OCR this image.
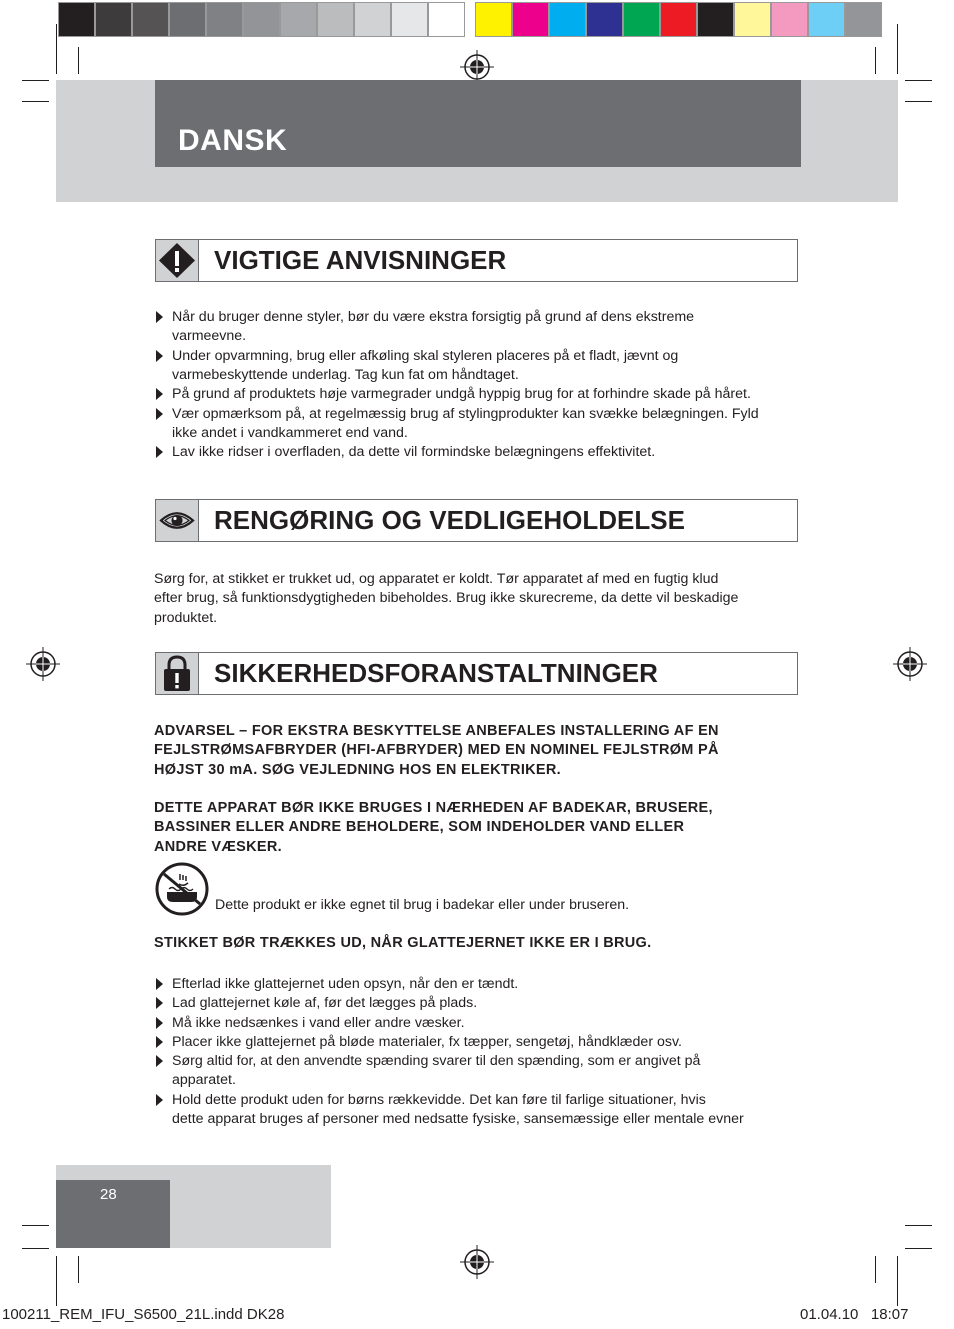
DANSK
VIGTIGE ANVISNINGER
Når du bruger denne styler, bør du være ekstra forsigtig på grund af dens ekstreme
varmeevne.
Under opvarmning, brug eller afkøling skal styleren placeres på et fladt, jævnt og
varmebeskyttende underlag. Tag kun fat om håndtaget.
På grund af produktets høje varmegrader undgå hyppig brug for at forhindre skade på håret.
Vær opmærksom på, at regelmæssig brug af stylingprodukter kan svække belægningen. Fyld
ikke andet i vandkammeret end vand.
Lav ikke ridser i overfladen, da dette vil formindske belægningens effektivitet.
RENGØRING OG VEDLIGEHOLDELSE
Sørg for, at stikket er trukket ud, og apparatet er koldt. Tør apparatet af med en fugtig klud
efter brug, så funktionsdygtigheden bibeholdes. Brug ikke skurecreme, da dette vil beskadige
produktet.
SIKKERHEDSFORANSTALTNINGER
ADVARSEL – FOR EKSTRA BESKYTTELSE ANBEFALES INSTALLERING AF EN
FEJLSTRØMSAFBRYDER (HFI-AFBRYDER) MED EN NOMINEL FEJLSTRØM PÅ
HØJST 30 mA. SØG VEJLEDNING HOS EN ELEKTRIKER.
DETTE APPARAT BØR IKKE BRUGES I NÆRHEDEN AF BADEKAR, BRUSERE,
BASSINER ELLER ANDRE BEHOLDERE, SOM INDEHOLDER VAND ELLER
ANDRE VÆSKER.
Dette produkt er ikke egnet til brug i badekar eller under bruseren.
STIKKET BØR TRÆKKES UD, NÅR GLATTEJERNET IKKE ER I BRUG.
Efterlad ikke glattejernet uden opsyn, når den er tændt.
Lad glattejernet køle af, før det lægges på plads.
Må ikke nedsænkes i vand eller andre væsker.
Placer ikke glattejernet på bløde materialer, fx tæpper, sengetøj, håndklæder osv.
Sørg altid for, at den anvendte spænding svarer til den spænding, som er angivet på
apparatet.
Hold dette produkt uden for børns rækkevidde. Det kan føre til farlige situationer, hvis
dette apparat bruges af personer med nedsatte fysiske, sansemæssige eller mentale evner
28
100211_REM_IFU_S6500_21L.indd DK28	01.04.10   18:07
